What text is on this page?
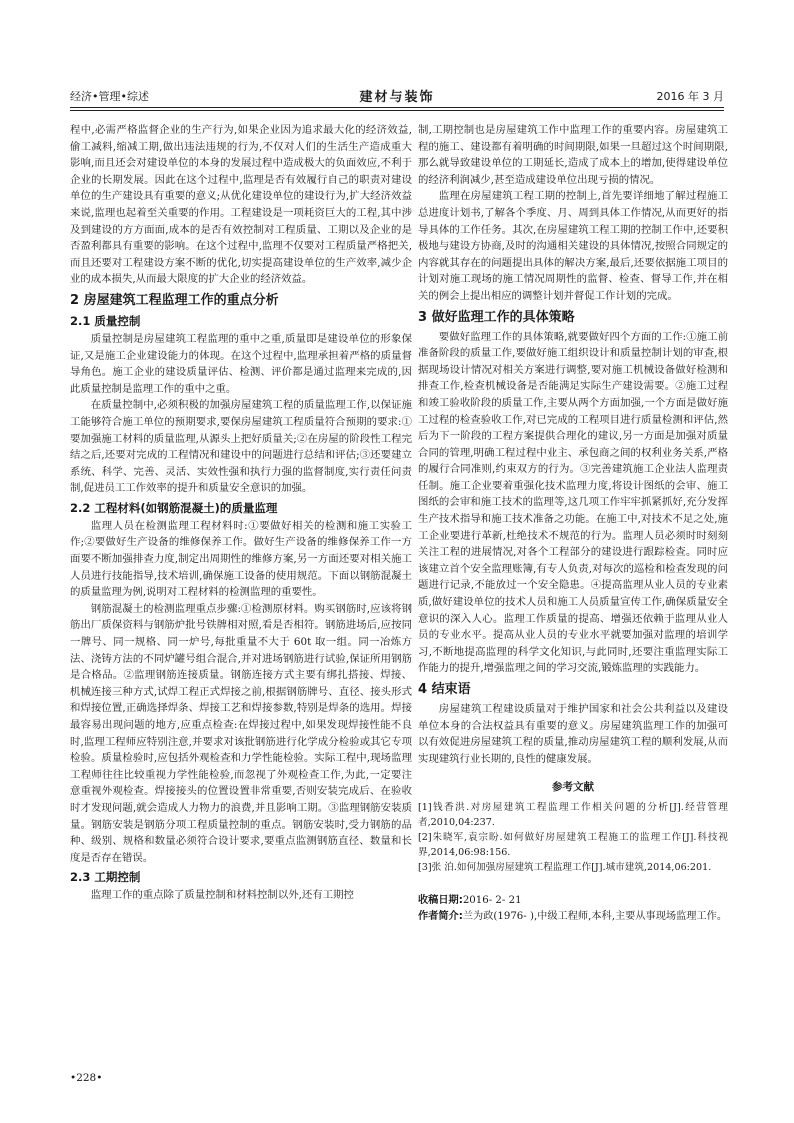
经济•管理•综述	建材与装饰	2016 年 3 月

程中,必需严格监督企业的生产行为,如果企业因为追求最大化的经济效益,偷工减料,缩减工期,做出违法违规的行为,不仅对人们的生活生产造成重大影响,而且还会对建设单位的本身的发展过程中造成极大的负面效应,不利于企业的长期发展。因此在这个过程中,监理是否有效履行自己的职责对建设单位的生产建设具有重要的意义;从优化建设单位的建设行为,扩大经济效益来说,监理也起着至关重要的作用。工程建设是一项耗资巨大的工程,其中涉及到建设的方方面面,成本的是否有效控制对工程质量、工期以及企业的是否盈利都具有重要的影响。在这个过程中,监理不仅要对工程质量严格把关,而且还要对工程建设方案不断的优化,切实提高建设单位的生产效率,减少企业的成本损失,从而最大限度的扩大企业的经济效益。

2 房屋建筑工程监理工作的重点分析
2.1 质量控制

质量控制是房屋建筑工程监理的重中之重,质量即是建设单位的形象保证,又是施工企业建设能力的体现。在这个过程中,监理承担着严格的质量督导角色。施工企业的建设质量评估、检测、评价都是通过监理来完成的,因此质量控制是监理工作的重中之重。

在质量控制中,必须积极的加强房屋建筑工程的质量监理工作,以保证施工能够符合施工单位的预期要求,要保房屋建筑工程质量符合预期的要求:①要加强施工材料的质量监理,从源头上把好质量关;②在房屋的阶段性工程完结之后,还要对完成的工程情况和建设中的问题进行总结和评估;③还要建立系统、科学、完善、灵活、实效性强和执行力强的监督制度,实行责任问责制,促进员工工作效率的提升和质量安全意识的加强。

2.2 工程材料(如钢筋混凝土)的质量监理

监理人员在检测监理工程材料时:①要做好相关的检测和施工实验工作;②要做好生产设备的维修保养工作。做好生产设备的维修保养工作一方面要不断加强排查力度,制定出周期性的维修方案,另一方面还要对相关施工人员进行技能指导,技术培训,确保施工设备的使用规范。下面以钢筋混凝土的质量监理为例,说明对工程材料的检测监理的重要性。

钢筋混凝土的检测监理重点步骤:①检测原材料。购买钢筋时,应该将钢筋出厂质保资料与钢筋炉批号铁牌相对照,看是否相符。钢筋进场后,应按同一牌号、同一规格、同一炉号,每批重量不大于 60t 取一组。同一冶炼方法、浇铸方法的不同炉罐号组合混合,并对进场钢筋进行试验,保证所用钢筋是合格品。②监理钢筋连接质量。钢筋连接方式主要有绑扎搭接、焊接、机械连接三种方式,试焊工程正式焊接之前,根据钢筋牌号、直径、接头形式和焊接位置,正确选择焊条、焊接工艺和焊接参数,特别是焊条的选用。焊接最容易出现问题的地方,应重点检查:在焊接过程中,如果发现焊接性能不良时,监理工程师应特别注意,并要求对该批钢筋进行化学成分检验或其它专项检验。质量检验时,应包括外观检查和力学性能检验。实际工程中,现场监理工程师往往比较重视力学性能检验,而忽视了外观检查工作,为此,一定要注意重视外观检查。焊接接头的位置设置非常重要,否则安装完成后、在验收时才发现问题,就会造成人力物力的浪费,并且影响工期。③监理钢筋安装质量。钢筋安装是钢筋分项工程质量控制的重点。钢筋安装时,受力钢筋的品种、级别、规格和数量必须符合设计要求,要重点监测钢筋直径、数量和长度是否存在错误。

2.3 工期控制

监理工作的重点除了质量控制和材料控制以外,还有工期控

制,工期控制也是房屋建筑工作中监理工作的重要内容。房屋建筑工程的施工、建设都有着明确的时间期限,如果一旦超过这个时间期限,那么就导致建设单位的工期延长,造成了成本上的增加,使得建设单位的经济利润减少,甚至造成建设单位出现亏损的情况。

监理在房屋建筑工程工期的控制上,首先要详细地了解过程施工总进度计划书,了解各个季度、月、周到具体工作情况,从而更好的指导具体的工作任务。其次,在房屋建筑工程工期的控制工作中,还要积极地与建设方协商,及时的沟通相关建设的具体情况,按照合同规定的内容就其存在的问题提出具体的解决方案,最后,还要依据施工项目的计划对施工现场的施工情况周期性的监督、检查、督导工作,并在相关的例会上提出相应的调整计划并督促工作计划的完成。

3 做好监理工作的具体策略

要做好监理工作的具体策略,就要做好四个方面的工作:①施工前准备阶段的质量工作,要做好施工组织设计和质量控制计划的审查,根据现场设计情况对相关方案进行调整,要对施工机械设备做好检测和排查工作,检查机械设备是否能满足实际生产建设需要。②施工过程和竣工验收阶段的质量工作,主要从两个方面加强,一个方面是做好施工过程的检查验收工作,对已完成的工程项目进行质量检测和评估,然后为下一阶段的工程方案提供合理化的建议,另一方面是加强对质量合同的管理,明确工程过程中业主、承包商之间的权利业务关系,严格的履行合同准则,约束双方的行为。③完善建筑施工企业法人监理责任制。施工企业要着重强化技术监理力度,将设计图纸的会审、施工图纸的会审和施工技术的监理等,这几项工作牢牢抓紧抓好,充分发挥生产技术指导和施工技术准备之功能。在施工中,对技术不足之处,施工企业要进行革新,杜绝技术不规范的行为。监理人员必须时时刻刻关注工程的进展情况,对各个工程部分的建设进行跟踪检查。同时应该建立首个安全监理账簿,有专人负责,对每次的巡检和检查发现的问题进行记录,不能放过一个安全隐患。④提高监理从业人员的专业素质,做好建设单位的技术人员和施工人员质量宣传工作,确保质量安全意识的深入人心。监理工作质量的提高、增强还依赖于监理从业人员的专业水平。提高从业人员的专业水平就要加强对监理的培训学习,不断地提高监理的科学文化知识,与此同时,还要注重监理实际工作能力的提升,增强监理之间的学习交流,锻炼监理的实践能力。

4 结束语

房屋建筑工程建设质量对于维护国家和社会公共利益以及建设单位本身的合法权益具有重要的意义。房屋建筑监理工作的加强可以有效促进房屋建筑工程的质量,推动房屋建筑工程的顺利发展,从而实现建筑行业长期的,良性的健康发展。

参考文献

[1]钱香洪.对房屋建筑工程监理工作相关问题的分析[J].经营管理者,2010,04:237.

[2]朱晓军,袁宗盼.如何做好房屋建筑工程施工的监理工作[J].科技视界,2014,06:98:156.

[3]张 泊.如何加强房屋建筑工程监理工作[J].城市建筑,2014,06:201.

收稿日期:2016- 2- 21
作者简介:兰为政(1976- ),中级工程师,本科,主要从事现场监理工作。
•228•
